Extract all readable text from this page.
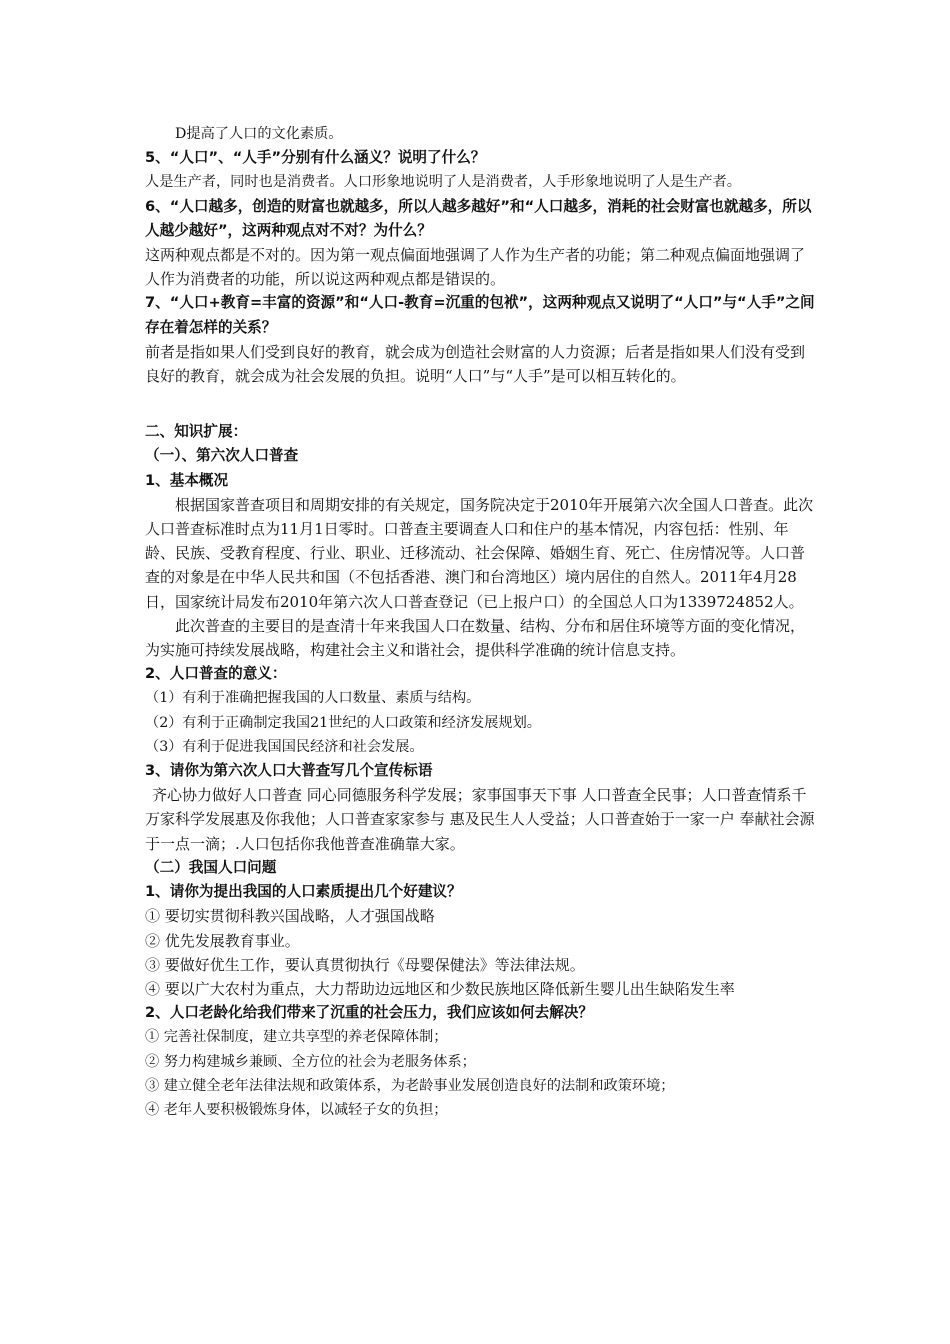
D提高了人口的文化素质。

5、“人口”、“人手”分别有什么涵义？说明了什么？

人是生产者，同时也是消费者。人口形象地说明了人是消费者，人手形象地说明了人是生产者。

6、“人口越多，创造的财富也就越多，所以人越多越好”和“人口越多，消耗的社会财富也就越多，所以人越少越好”，这两种观点对不对？为什么？

这两种观点都是不对的。因为第一观点偏面地强调了人作为生产者的功能；第二种观点偏面地强调了人作为消费者的功能，所以说这两种观点都是错误的。

7、“人口+教育=丰富的资源”和“人口-教育=沉重的包袱”，这两种观点又说明了“人口”与“人手”之间存在着怎样的关系？

前者是指如果人们受到良好的教育，就会成为创造社会财富的人力资源；后者是指如果人们没有受到良好的教育，就会成为社会发展的负担。说明“人口”与“人手”是可以相互转化的。

二、知识扩展：

（一）、第六次人口普查

1、基本概况

根据国家普查项目和周期安排的有关规定，国务院决定于2010年开展第六次全国人口普查。此次人口普查标准时点为11月1日零时。口普查主要调查人口和住户的基本情况，内容包括：性别、年龄、民族、受教育程度、行业、职业、迁移流动、社会保障、婚姻生育、死亡、住房情况等。人口普查的对象是在中华人民共和国（不包括香港、澳门和台湾地区）境内居住的自然人。2011年4月28日，国家统计局发布2010年第六次人口普查登记（已上报户口）的全国总人口为1339724852人。

此次普查的主要目的是查清十年来我国人口在数量、结构、分布和居住环境等方面的变化情况，为实施可持续发展战略，构建社会主义和谐社会，提供科学准确的统计信息支持。

2、人口普查的意义：

（1）有利于准确把握我国的人口数量、素质与结构。

（2）有利于正确制定我国21世纪的人口政策和经济发展规划。

（3）有利于促进我国国民经济和社会发展。

3、请你为第六次人口大普查写几个宣传标语

齐心协力做好人口普查 同心同德服务科学发展；家事国事天下事 人口普查全民事；人口普查情系千万家科学发展惠及你我他；人口普查家家参与 惠及民生人人受益；人口普查始于一家一户 奉献社会源于一点一滴；.人口包括你我他普查准确靠大家。

（二）我国人口问题

1、请你为提出我国的人口素质提出几个好建议？

① 要切实贯彻科教兴国战略，人才强国战略

② 优先发展教育事业。

③ 要做好优生工作，要认真贯彻执行《母婴保健法》等法律法规。

④ 要以广大农村为重点，大力帮助边远地区和少数民族地区降低新生婴儿出生缺陷发生率

2、人口老龄化给我们带来了沉重的社会压力，我们应该如何去解决？

① 完善社保制度，建立共享型的养老保障体制；

② 努力构建城乡兼顾、全方位的社会为老服务体系；

③ 建立健全老年法律法规和政策体系，为老龄事业发展创造良好的法制和政策环境；

④ 老年人要积极锻炼身体，以减轻子女的负担；
